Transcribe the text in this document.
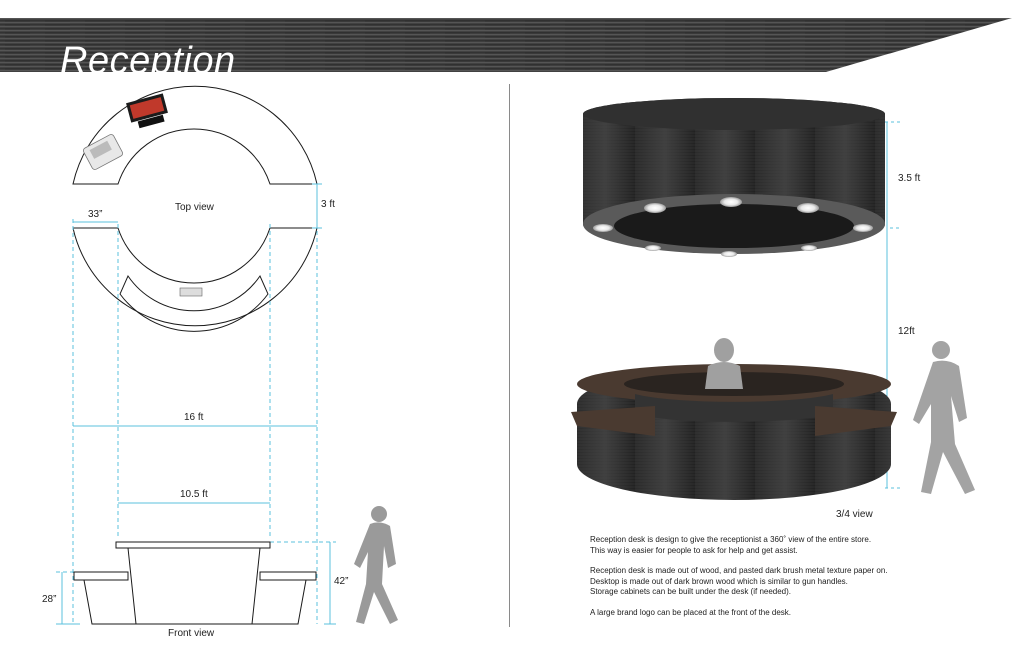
Reception
Top view
33”
3 ft
16 ft
10.5 ft
42”
28”
Front view
3.5 ft
12ft
3/4 view

Reception desk is design to give the receptionist a 360˚ view of the entire store.
This way is easier for people to ask for help and get assist.

Reception desk is made out of wood, and pasted dark brush metal texture paper on.
Desktop is made out of dark brown wood which is similar to gun handles.
Storage cabinets can be built under the desk (if needed).

A large brand logo can be placed at the front of the desk.
